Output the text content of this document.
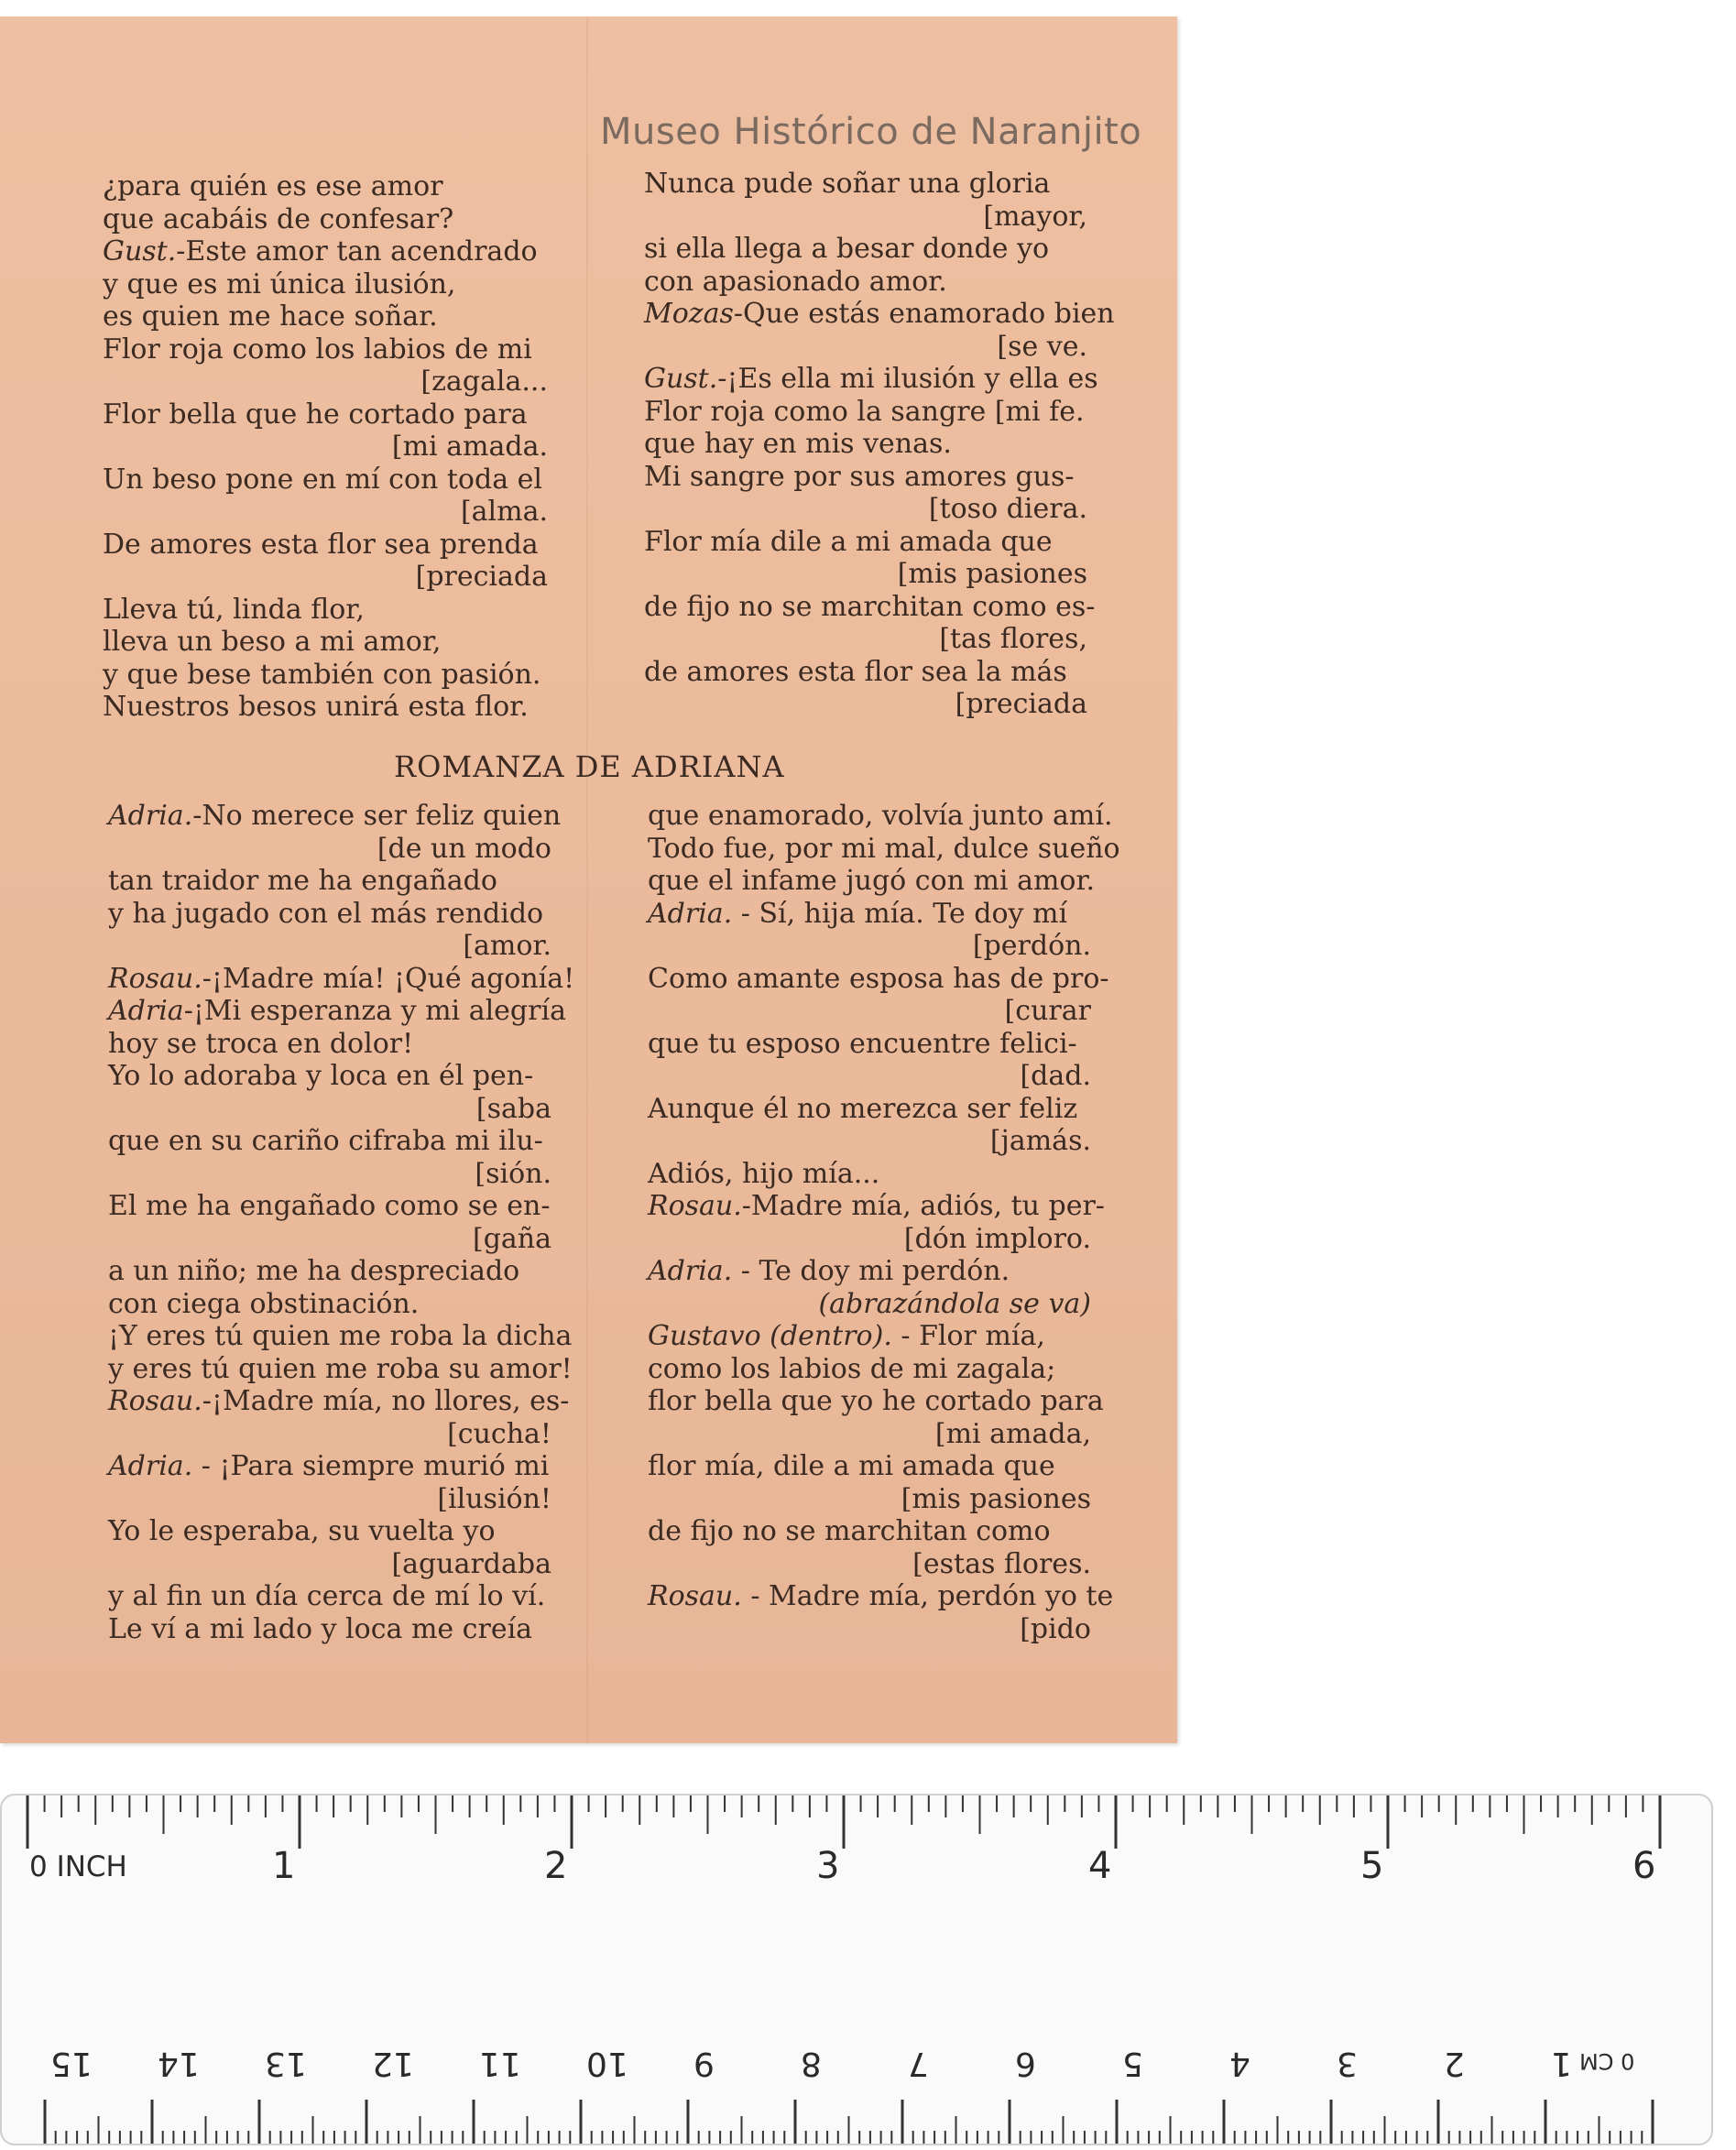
Museo Histórico de Naranjito
¿para quién es ese amor
que acabáis de confesar?
Gust.-Este amor tan acendrado
y que es mi única ilusión,
es quien me hace soñar.
Flor roja como los labios de mi
[zagala...
Flor bella que he cortado para
[mi amada.
Un beso pone en mí con toda el
[alma.
De amores esta flor sea prenda
[preciada
Lleva tú, linda flor,
lleva un beso a mi amor,
y que bese también con pasión.
Nuestros besos unirá esta flor.
Nunca pude soñar una gloria
[mayor,
si ella llega a besar donde yo
con apasionado amor.
Mozas-Que estás enamorado bien
[se ve.
Gust.-¡Es ella mi ilusión y ella es
Flor roja como la sangre [mi fe.
que hay en mis venas.
Mi sangre por sus amores gus-
[toso diera.
Flor mía dile a mi amada que
[mis pasiones
de fijo no se marchitan como es-
[tas flores,
de amores esta flor sea la más
[preciada
ROMANZA DE ADRIANA
Adria.-No merece ser feliz quien
[de un modo
tan traidor me ha engañado
y ha jugado con el más rendido
[amor.
Rosau.-¡Madre mía! ¡Qué agonía!
Adria-¡Mi esperanza y mi alegría
hoy se troca en dolor!
Yo lo adoraba y loca en él pen-
[saba
que en su cariño cifraba mi ilu-
[sión.
El me ha engañado como se en-
[gaña
a un niño; me ha despreciado
con ciega obstinación.
¡Y eres tú quien me roba la dicha
y eres tú quien me roba su amor!
Rosau.-¡Madre mía, no llores, es-
[cucha!
Adria. - ¡Para siempre murió mi
[ilusión!
Yo le esperaba, su vuelta yo
[aguardaba
y al fin un día cerca de mí lo ví.
Le ví a mi lado y loca me creía
que enamorado, volvía junto amí.
Todo fue, por mi mal, dulce sueño
que el infame jugó con mi amor.
Adria. - Sí, hija mía. Te doy mí
[perdón.
Como amante esposa has de pro-
[curar
que tu esposo encuentre felici-
[dad.
Aunque él no merezca ser feliz
[jamás.
Adiós, hijo mía...
Rosau.-Madre mía, adiós, tu per-
[dón imploro.
Adria. - Te doy mi perdón.
(abrazándola se va)
Gustavo (dentro). - Flor mía,
como los labios de mi zagala;
flor bella que yo he cortado para
[mi amada,
flor mía, dile a mi amada que
[mis pasiones
de fijo no se marchitan como
[estas flores.
Rosau. - Madre mía, perdón yo te
[pido
0 INCH	1	2	3	4	5	6
0 CM
1
2
3
4
5
6
7
8
9
10
11
12
13
14
15
